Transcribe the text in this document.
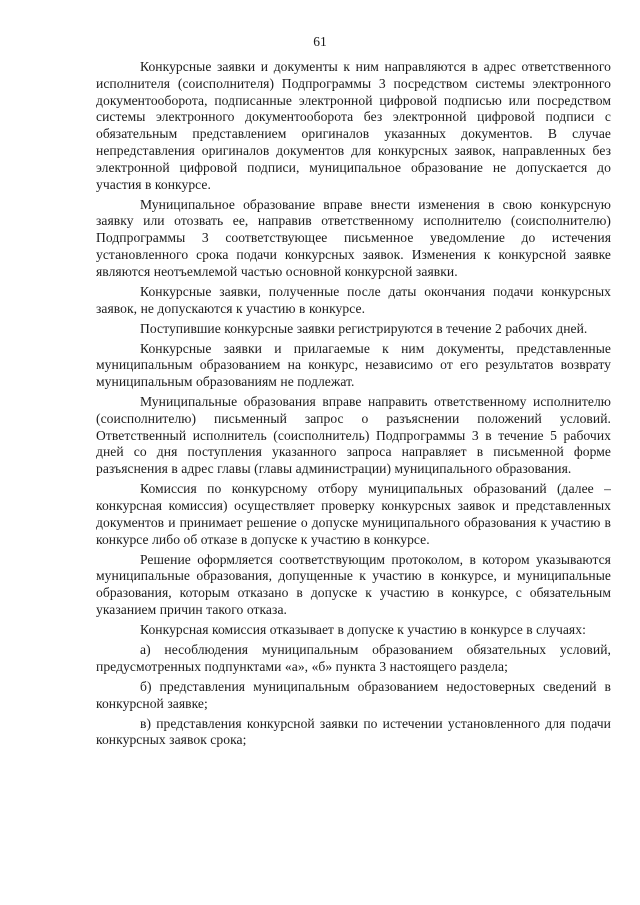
61

Конкурсные заявки и документы к ним направляются в адрес ответственного исполнителя (соисполнителя) Подпрограммы 3 посредством системы электронного документооборота, подписанные электронной цифровой подписью или посредством системы электронного документооборота без электронной цифровой подписи с обязательным представлением оригиналов указанных документов. В случае непредставления оригиналов документов для конкурсных заявок, направленных без электронной цифровой подписи, муниципальное образование не допускается до участия в конкурсе.

Муниципальное образование вправе внести изменения в свою конкурсную заявку или отозвать ее, направив ответственному исполнителю (соисполнителю) Подпрограммы 3 соответствующее письменное уведомление до истечения установленного срока подачи конкурсных заявок. Изменения к конкурсной заявке являются неотъемлемой частью основной конкурсной заявки.

Конкурсные заявки, полученные после даты окончания подачи конкурсных заявок, не допускаются к участию в конкурсе.

Поступившие конкурсные заявки регистрируются в течение 2 рабочих дней.

Конкурсные заявки и прилагаемые к ним документы, представленные муниципальным образованием на конкурс, независимо от его результатов возврату муниципальным образованиям не подлежат.

Муниципальные образования вправе направить ответственному исполнителю (соисполнителю) письменный запрос о разъяснении положений условий. Ответственный исполнитель (соисполнитель) Подпрограммы 3 в течение 5 рабочих дней со дня поступления указанного запроса направляет в письменной форме разъяснения в адрес главы (главы администрации) муниципального образования.

Комиссия по конкурсному отбору муниципальных образований (далее – конкурсная комиссия) осуществляет проверку конкурсных заявок и представленных документов и принимает решение о допуске муниципального образования к участию в конкурсе либо об отказе в допуске к участию в конкурсе.

Решение оформляется соответствующим протоколом, в котором указываются муниципальные образования, допущенные к участию в конкурсе, и муниципальные образования, которым отказано в допуске к участию в конкурсе, с обязательным указанием причин такого отказа.

Конкурсная комиссия отказывает в допуске к участию в конкурсе в случаях:

а) несоблюдения муниципальным образованием обязательных условий, предусмотренных подпунктами «а», «б» пункта 3 настоящего раздела;

б) представления муниципальным образованием недостоверных сведений в конкурсной заявке;

в) представления конкурсной заявки по истечении установленного для подачи конкурсных заявок срока;
